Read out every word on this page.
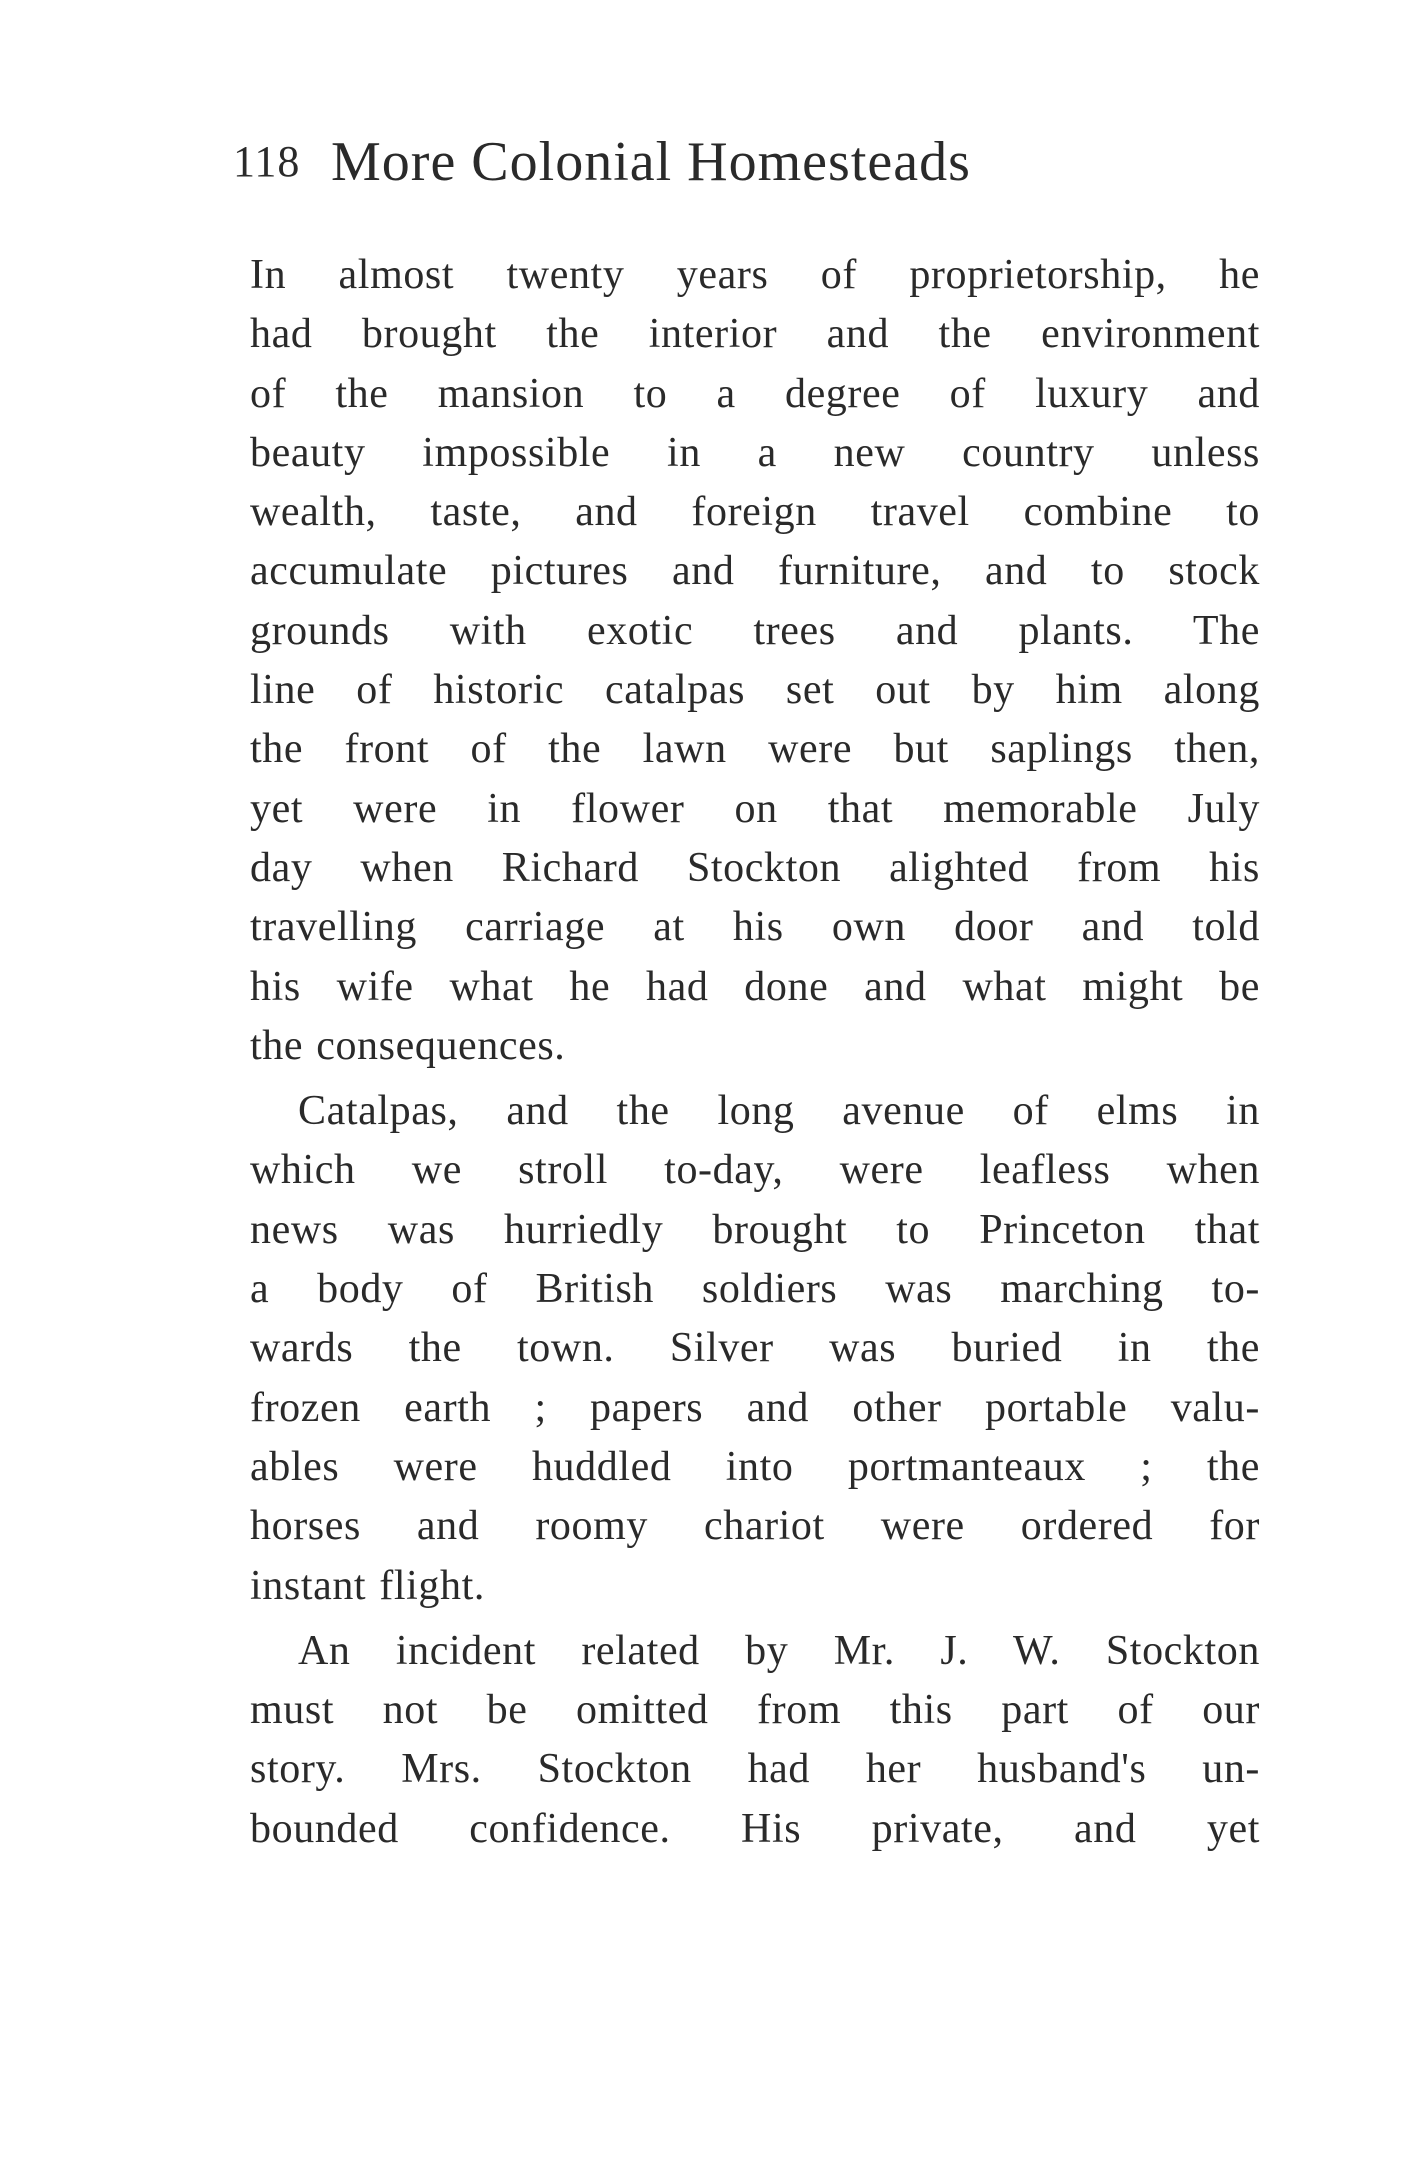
118 More Colonial Homesteads
In almost twenty years of proprietorship, he
had brought the interior and the environment
of the mansion to a degree of luxury and
beauty impossible in a new country unless
wealth, taste, and foreign travel combine to
accumulate pictures and furniture, and to stock
grounds with exotic trees and plants. The
line of historic catalpas set out by him along
the front of the lawn were but saplings then,
yet were in flower on that memorable July
day when Richard Stockton alighted from his
travelling carriage at his own door and told
his wife what he had done and what might be
the consequences.
Catalpas, and the long avenue of elms in
which we stroll to-day, were leafless when
news was hurriedly brought to Princeton that
a body of British soldiers was marching to-
wards the town. Silver was buried in the
frozen earth ; papers and other portable valu-
ables were huddled into portmanteaux ; the
horses and roomy chariot were ordered for
instant flight.
An incident related by Mr. J. W. Stockton
must not be omitted from this part of our
story. Mrs. Stockton had her husband's un-
bounded confidence. His private, and yet
